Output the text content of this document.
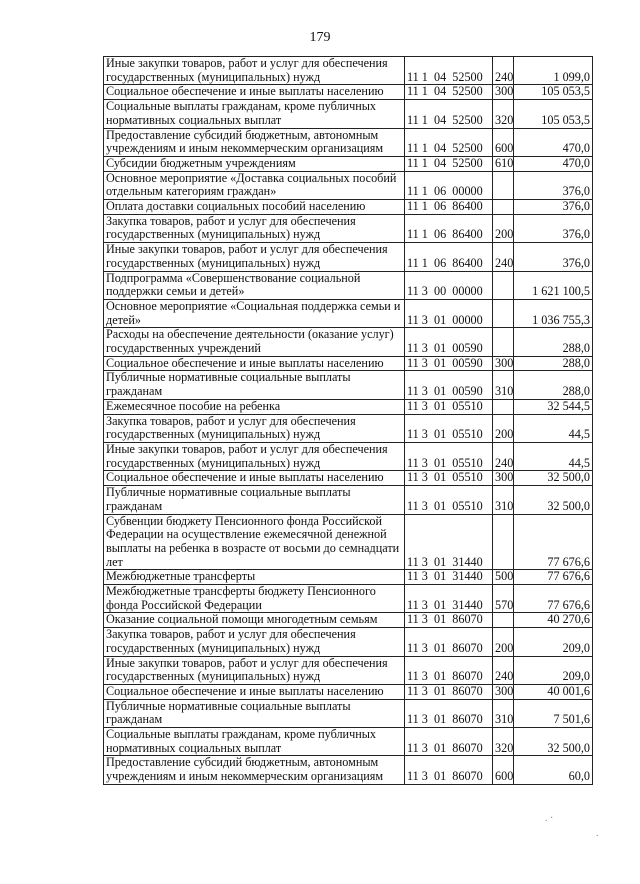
179
Иные закупки товаров, работ и услуг для обеспечения государственных (муниципальных) нужд	11 1  04  52500	240	1 099,0
Социальное обеспечение и иные выплаты населению	11 1  04  52500	300	105 053,5
Социальные выплаты гражданам, кроме публичных нормативных социальных выплат	11 1  04  52500	320	105 053,5
Предоставление субсидий бюджетным, автономным учреждениям и иным некоммерческим организациям	11 1  04  52500	600	470,0
Субсидии бюджетным учреждениям	11 1  04  52500	610	470,0
Основное мероприятие «Доставка социальных пособий отдельным категориям граждан»	11 1  06  00000		376,0
Оплата доставки социальных пособий населению	11 1  06  86400		376,0
Закупка товаров, работ и услуг для обеспечения государственных (муниципальных) нужд	11 1  06  86400	200	376,0
Иные закупки товаров, работ и услуг для обеспечения государственных (муниципальных) нужд	11 1  06  86400	240	376,0
Подпрограмма «Совершенствование социальной поддержки семьи и детей»	11 3  00  00000		1 621 100,5
Основное мероприятие «Социальная поддержка семьи и детей»	11 3  01  00000		1 036 755,3
Расходы на обеспечение деятельности (оказание услуг) государственных учреждений	11 3  01  00590		288,0
Социальное обеспечение и иные выплаты населению	11 3  01  00590	300	288,0
Публичные нормативные социальные выплаты гражданам	11 3  01  00590	310	288,0
Ежемесячное пособие на ребенка	11 3  01  05510		32 544,5
Закупка товаров, работ и услуг для обеспечения государственных (муниципальных) нужд	11 3  01  05510	200	44,5
Иные закупки товаров, работ и услуг для обеспечения государственных (муниципальных) нужд	11 3  01  05510	240	44,5
Социальное обеспечение и иные выплаты населению	11 3  01  05510	300	32 500,0
Публичные нормативные социальные выплаты гражданам	11 3  01  05510	310	32 500,0
Субвенции бюджету Пенсионного фонда Российской Федерации на осуществление ежемесячной денежной выплаты на ребенка в возрасте от восьми до семнадцати лет	11 3  01  31440		77 676,6
Межбюджетные трансферты	11 3  01  31440	500	77 676,6
Межбюджетные трансферты бюджету Пенсионного фонда Российской Федерации	11 3  01  31440	570	77 676,6
Оказание социальной помощи многодетным семьям	11 3  01  86070		40 270,6
Закупка товаров, работ и услуг для обеспечения государственных (муниципальных) нужд	11 3  01  86070	200	209,0
Иные закупки товаров, работ и услуг для обеспечения государственных (муниципальных) нужд	11 3  01  86070	240	209,0
Социальное обеспечение и иные выплаты населению	11 3  01  86070	300	40 001,6
Публичные нормативные социальные выплаты гражданам	11 3  01  86070	310	7 501,6
Социальные выплаты гражданам, кроме публичных нормативных социальных выплат	11 3  01  86070	320	32 500,0
Предоставление субсидий бюджетным, автономным учреждениям и иным некоммерческим организациям	11 3  01  86070	600	60,0
. ·
.
